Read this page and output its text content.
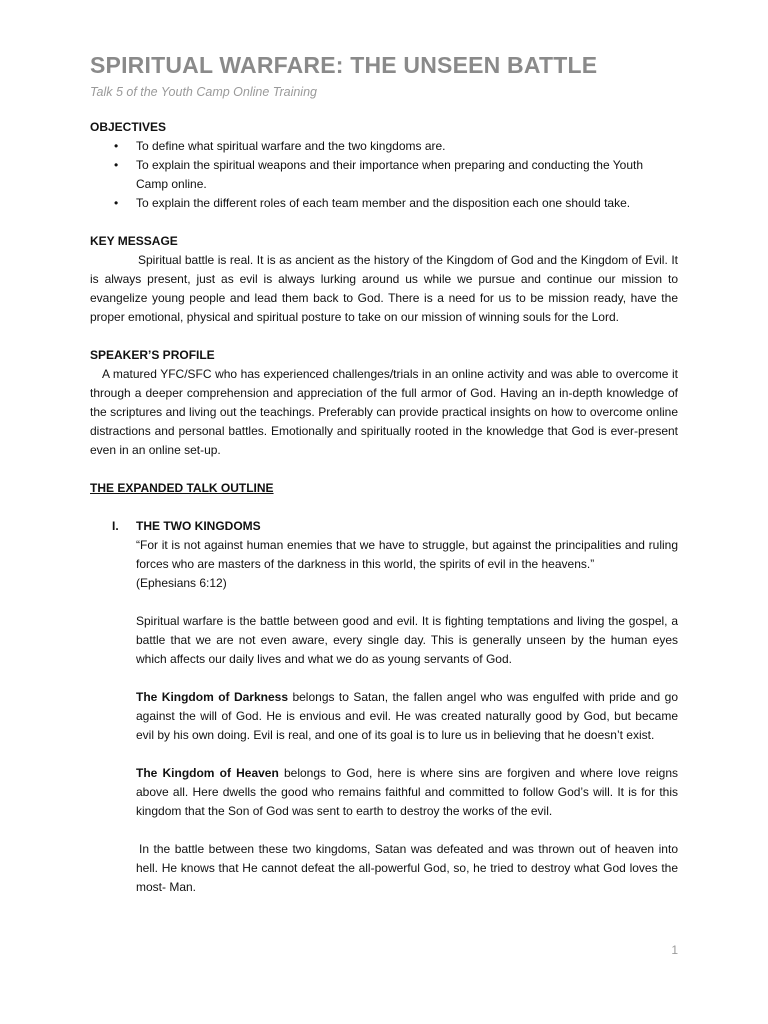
SPIRITUAL WARFARE: THE UNSEEN BATTLE

Talk 5 of the Youth Camp Online Training

OBJECTIVES

• To define what spiritual warfare and the two kingdoms are.
• To explain the spiritual weapons and their importance when preparing and conducting the Youth Camp online.
• To explain the different roles of each team member and the disposition each one should take.

KEY MESSAGE

Spiritual battle is real. It is as ancient as the history of the Kingdom of God and the Kingdom of Evil. It is always present, just as evil is always lurking around us while we pursue and continue our mission to evangelize young people and lead them back to God. There is a need for us to be mission ready, have the proper emotional, physical and spiritual posture to take on our mission of winning souls for the Lord.

SPEAKER’S PROFILE

A matured YFC/SFC who has experienced challenges/trials in an online activity and was able to overcome it through a deeper comprehension and appreciation of the full armor of God. Having an in-depth knowledge of the scriptures and living out the teachings. Preferably can provide practical insights on how to overcome online distractions and personal battles. Emotionally and spiritually rooted in the knowledge that God is ever-present even in an online set-up.

THE EXPANDED TALK OUTLINE

I. THE TWO KINGDOMS

“For it is not against human enemies that we have to struggle, but against the principalities and ruling forces who are masters of the darkness in this world, the spirits of evil in the heavens.”

(Ephesians 6:12)

Spiritual warfare is the battle between good and evil. It is fighting temptations and living the gospel, a battle that we are not even aware, every single day. This is generally unseen by the human eyes which affects our daily lives and what we do as young servants of God.

The Kingdom of Darkness belongs to Satan, the fallen angel who was engulfed with pride and go against the will of God. He is envious and evil. He was created naturally good by God, but became evil by his own doing. Evil is real, and one of its goal is to lure us in believing that he doesn’t exist.

The Kingdom of Heaven belongs to God, here is where sins are forgiven and where love reigns above all. Here dwells the good who remains faithful and committed to follow God’s will. It is for this kingdom that the Son of God was sent to earth to destroy the works of the evil.

In the battle between these two kingdoms, Satan was defeated and was thrown out of heaven into hell. He knows that He cannot defeat the all-powerful God, so, he tried to destroy what God loves the most- Man.

1
